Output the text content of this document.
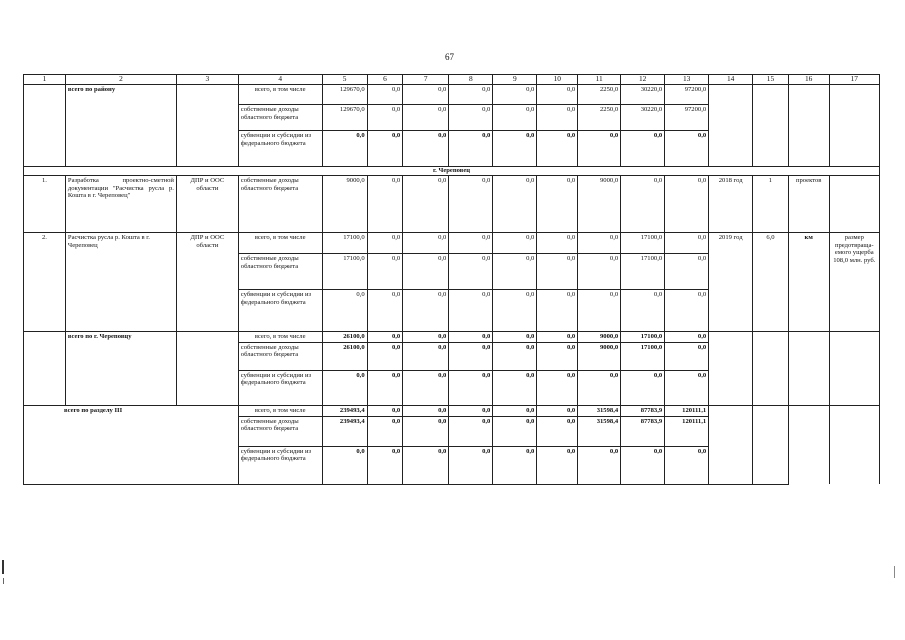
67
1	2	3	4	5	6	7	8	9	10	11	12	13	14	15	16	17
	всего по району		всего, в том числе	129670,0	0,0	0,0	0,0	0,0	0,0	2250,0	30220,0	97200,0				
			собственные доходы областного бюджета	129670,0	0,0	0,0	0,0	0,0	0,0	2250,0	30220,0	97200,0				
			субвенции и субсидии из федерального бюджета	0,0	0,0	0,0	0,0	0,0	0,0	0,0	0,0	0,0				
г. Череповец																
1.	Разработка проектно-сметной документации "Расчистка русла р. Коштa в г. Череповец"	ДПР и ООС области	собственные доходы областного бюджета	9000,0	0,0	0,0	0,0	0,0	0,0	9000,0	0,0	0,0	2018 год	1	проектов	
2.	Расчистка русла р. Кошта в г. Череповец	ДПР и ООС области	всего, в том числе	17100,0	0,0	0,0	0,0	0,0	0,0	0,0	17100,0	0,0	2019 год	6,0	км	размер предотвраща-емого ущерба 108,0 млн. руб.
			собственные доходы областного бюджета	17100,0	0,0	0,0	0,0	0,0	0,0	0,0	17100,0	0,0				
			субвенции и субсидии из федерального бюджета	0,0	0,0	0,0	0,0	0,0	0,0	0,0	0,0	0,0				
	всего по г. Череповцу		всего, в том числе	26100,0	0,0	0,0	0,0	0,0	0,0	9000,0	17100,0	0,0				
			собственные доходы областного бюджета	26100,0	0,0	0,0	0,0	0,0	0,0	9000,0	17100,0	0,0				
			субвенции и субсидии из федерального бюджета	0,0	0,0	0,0	0,0	0,0	0,0	0,0	0,0	0,0				
всего по разделу III			всего, в том числе	239493,4	0,0	0,0	0,0	0,0	0,0	31598,4	87783,9	120111,1				
			собственные доходы областного бюджета	239493,4	0,0	0,0	0,0	0,0	0,0	31598,4	87783,9	120111,1				
			субвенции и субсидии из федерального бюджета	0,0	0,0	0,0	0,0	0,0	0,0	0,0	0,0	0,0				
